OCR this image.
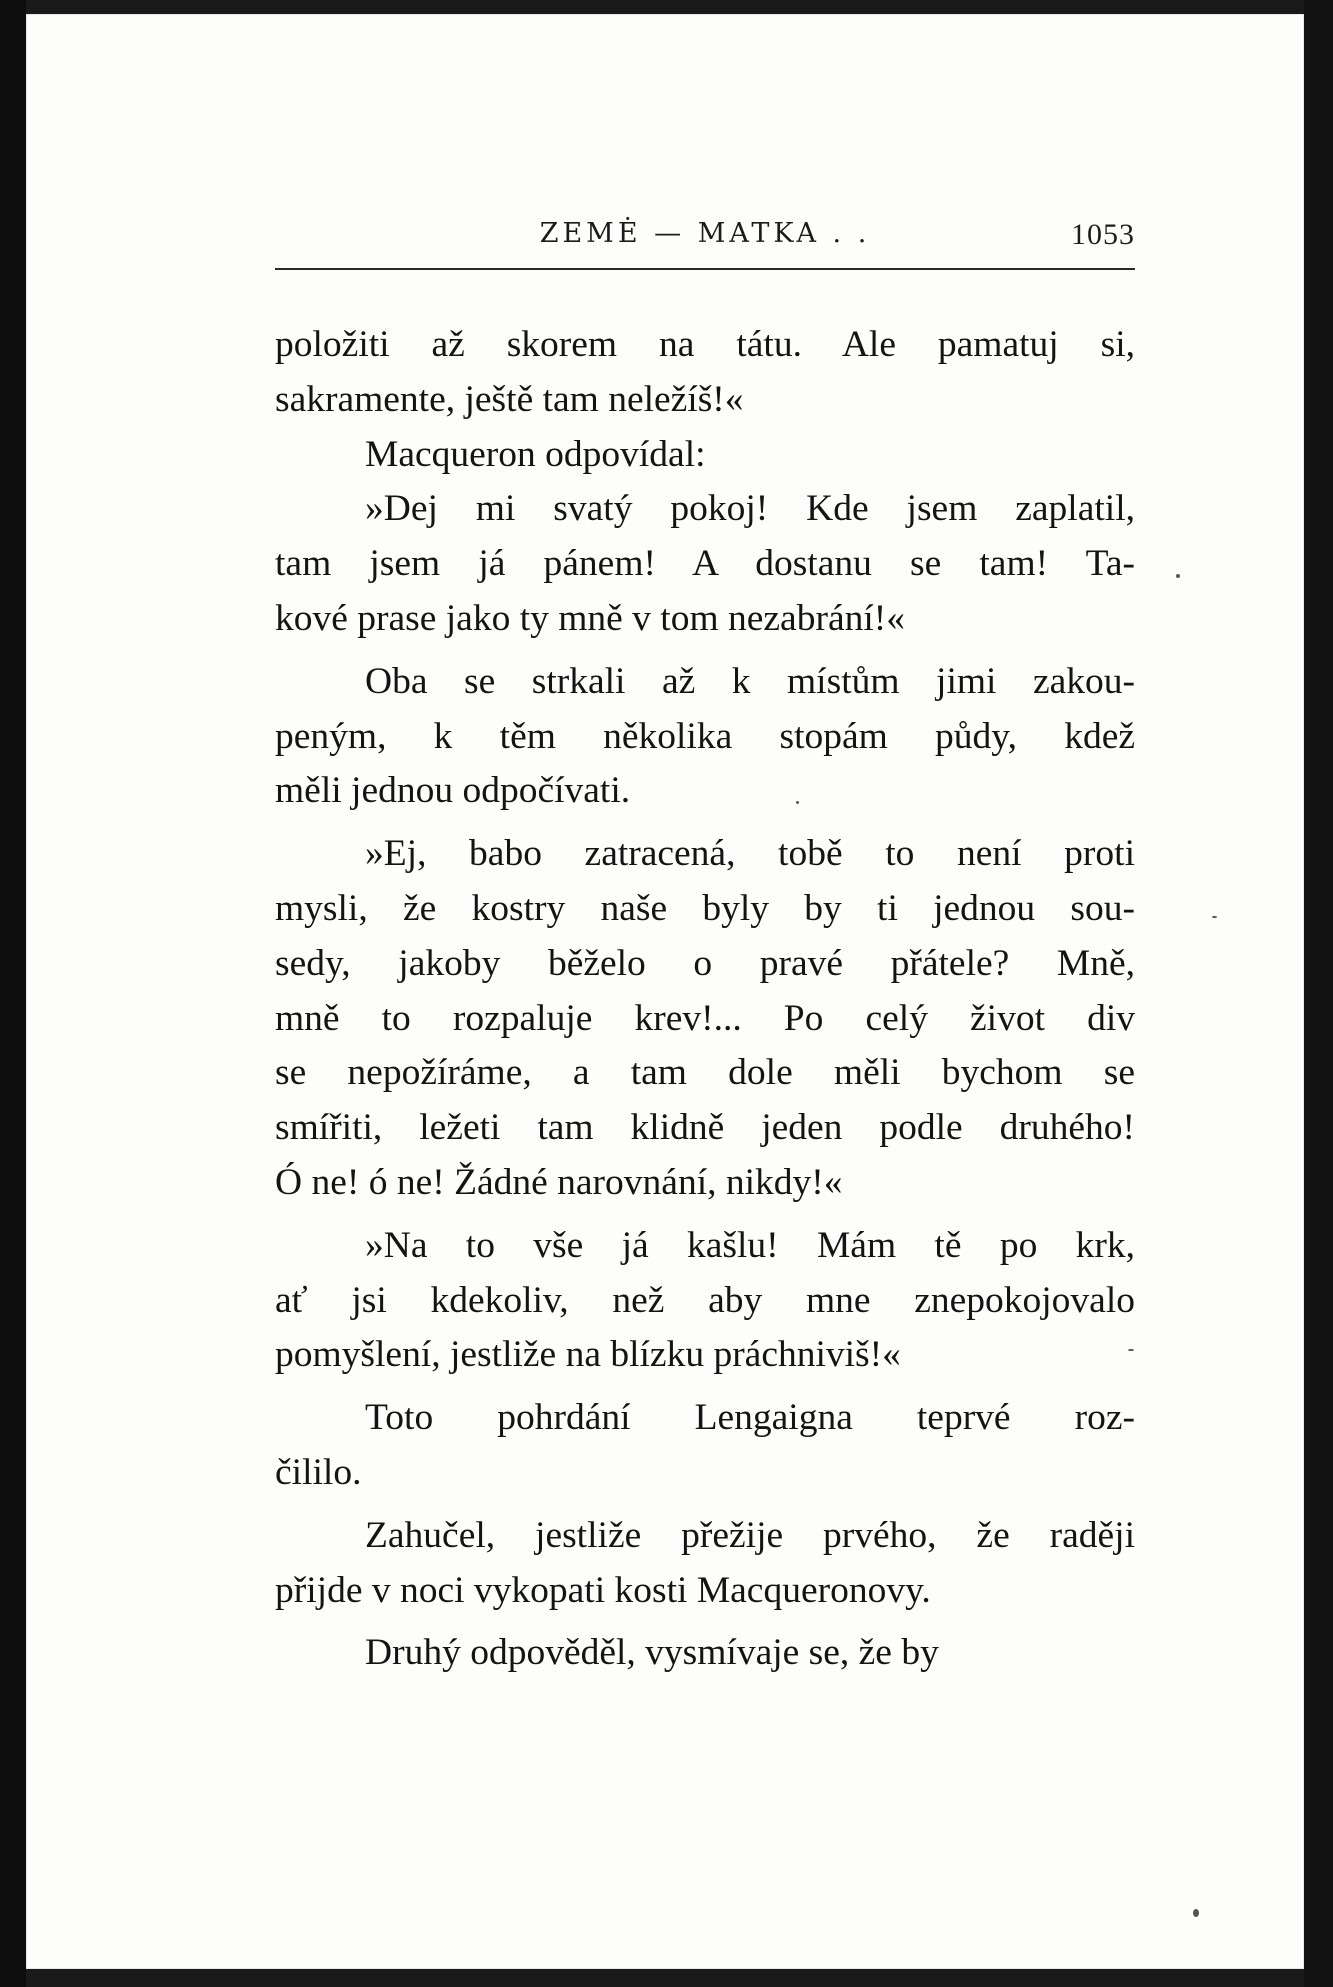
ZEMĖ — MATKA . .	1053
položiti až skorem na tátu. Ale pamatuj si,
sakramente, ještě tam neležíš!«
Macqueron odpovídal:
»Dej mi svatý pokoj! Kde jsem zaplatil,
tam jsem já pánem! A dostanu se tam! Ta-
kové prase jako ty mně v tom nezabrání!«
Oba se strkali až k místům jimi zakou-
peným, k těm několika stopám půdy, kdež
měli jednou odpočívati.
»Ej, babo zatracená, tobě to není proti
mysli, že kostry naše byly by ti jednou sou-
sedy, jakoby běželo o pravé přátele? Mně,
mně to rozpaluje krev!... Po celý život div
se nepožíráme, a tam dole měli bychom se
smířiti, ležeti tam klidně jeden podle druhého!
Ó ne! ó ne! Žádné narovnání, nikdy!«
»Na to vše já kašlu! Mám tě po krk,
ať jsi kdekoliv, než aby mne znepokojovalo
pomyšlení, jestliže na blízku práchniviš!«
Toto pohrdání Lengaigna teprvé roz-
čililo.
Zahučel, jestliže přežije prvého, že raději
přijde v noci vykopati kosti Macqueronovy.
Druhý odpověděl, vysmívaje se, že by
